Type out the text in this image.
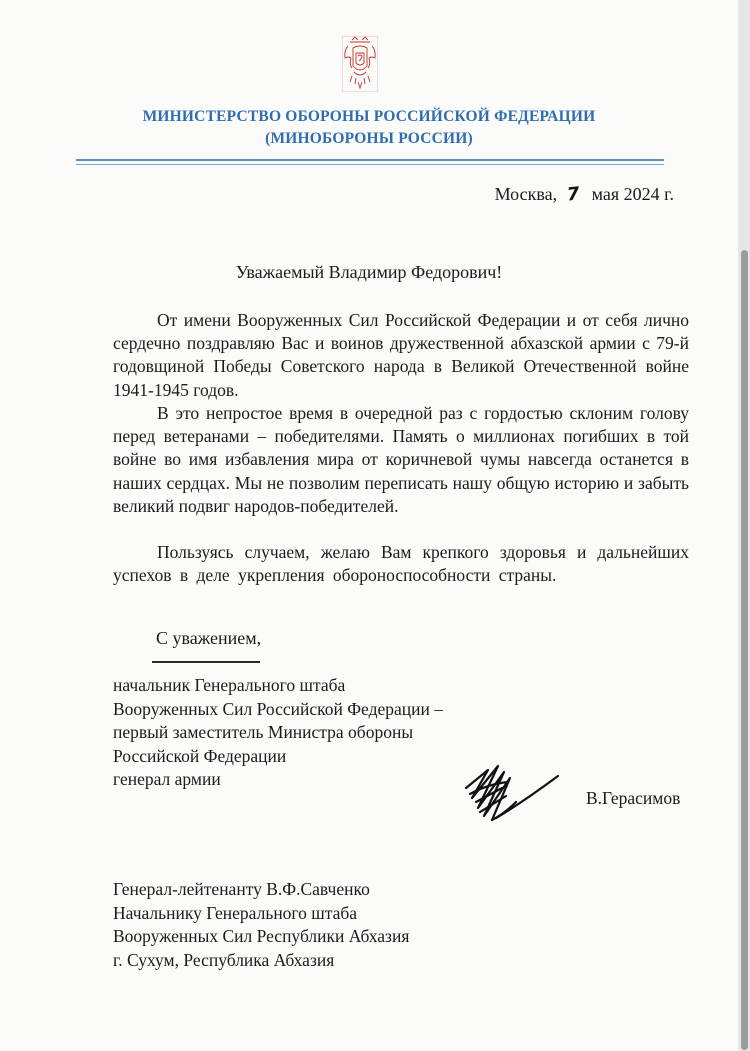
МИНИСТЕРСТВО ОБОРОНЫ РОССИЙСКОЙ ФЕДЕРАЦИИ
(МИНОБОРОНЫ РОССИИ)
Москва, 7 мая 2024 г.
Уважаемый Владимир Федорович!

От имени Вооруженных Сил Российской Федерации и от себя лично сердечно поздравляю Вас и воинов дружественной абхазской армии с 79-й годовщиной Победы Советского народа в Великой Отечественной войне 1941-1945 годов.

В это непростое время в очередной раз с гордостью склоним голову перед ветеранами – победителями. Память о миллионах погибших в той войне во имя избавления мира от коричневой чумы навсегда останется в наших сердцах. Мы не позволим переписать нашу общую историю и забыть великий подвиг народов-победителей.

Пользуясь случаем, желаю Вам крепкого здоровья и дальнейших успехов в деле укрепления обороноспособности страны.

С уважением,
начальник Генерального штаба
Вооруженных Сил Российской Федерации –
первый заместитель Министра обороны
Российской Федерации
генерал армии
В.Герасимов
Генерал-лейтенанту В.Ф.Савченко
Начальнику Генерального штаба
Вооруженных Сил Республики Абхазия
г. Сухум, Республика Абхазия
